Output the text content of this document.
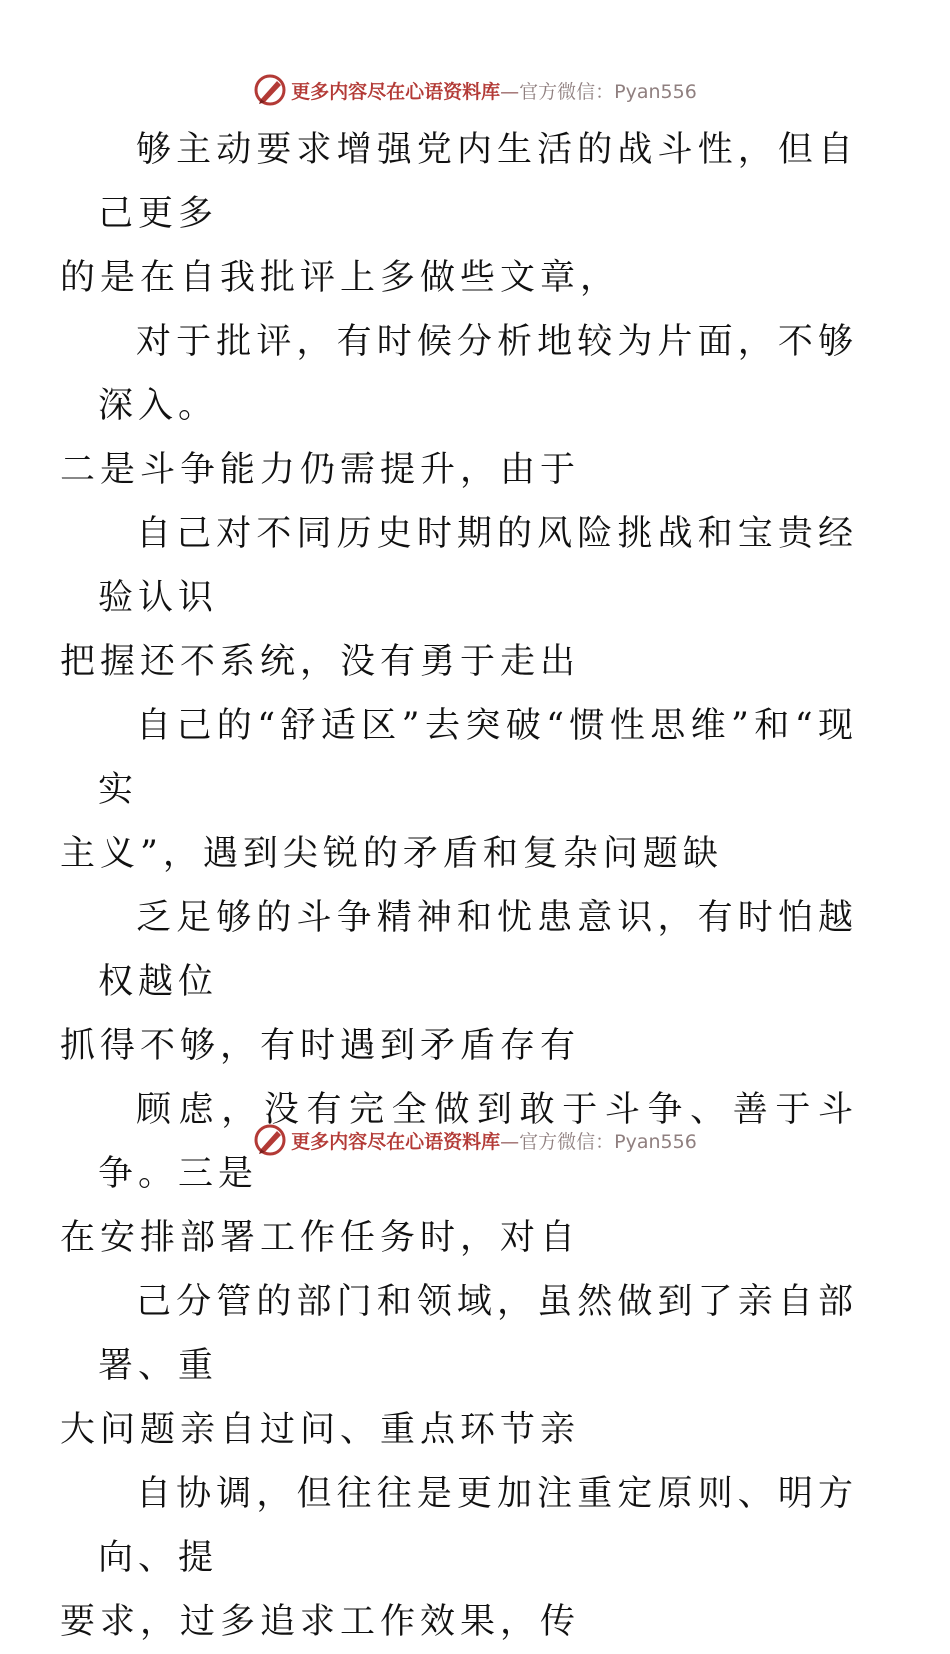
更多内容尽在心语资料库—官方微信：Pyan556

够主动要求增强党内生活的战斗性，但自己更多
的是在自我批评上多做些文章，

对于批评，有时候分析地较为片面，不够深入。
二是斗争能力仍需提升，由于

自己对不同历史时期的风险挑战和宝贵经验认识
把握还不系统，没有勇于走出

自己的“舒适区”去突破“惯性思维”和“现实
主义”，遇到尖锐的矛盾和复杂问题缺

乏足够的斗争精神和忧患意识，有时怕越权越位
抓得不够，有时遇到矛盾存有

顾虑，没有完全做到敢于斗争、善于斗争。三是
在安排部署工作任务时，对自

己分管的部门和领域，虽然做到了亲自部署、重
大问题亲自过问、重点环节亲

自协调，但往往是更加注重定原则、明方向、提
要求，过多追求工作效果，传

更多内容尽在心语资料库—官方微信：Pyan556
